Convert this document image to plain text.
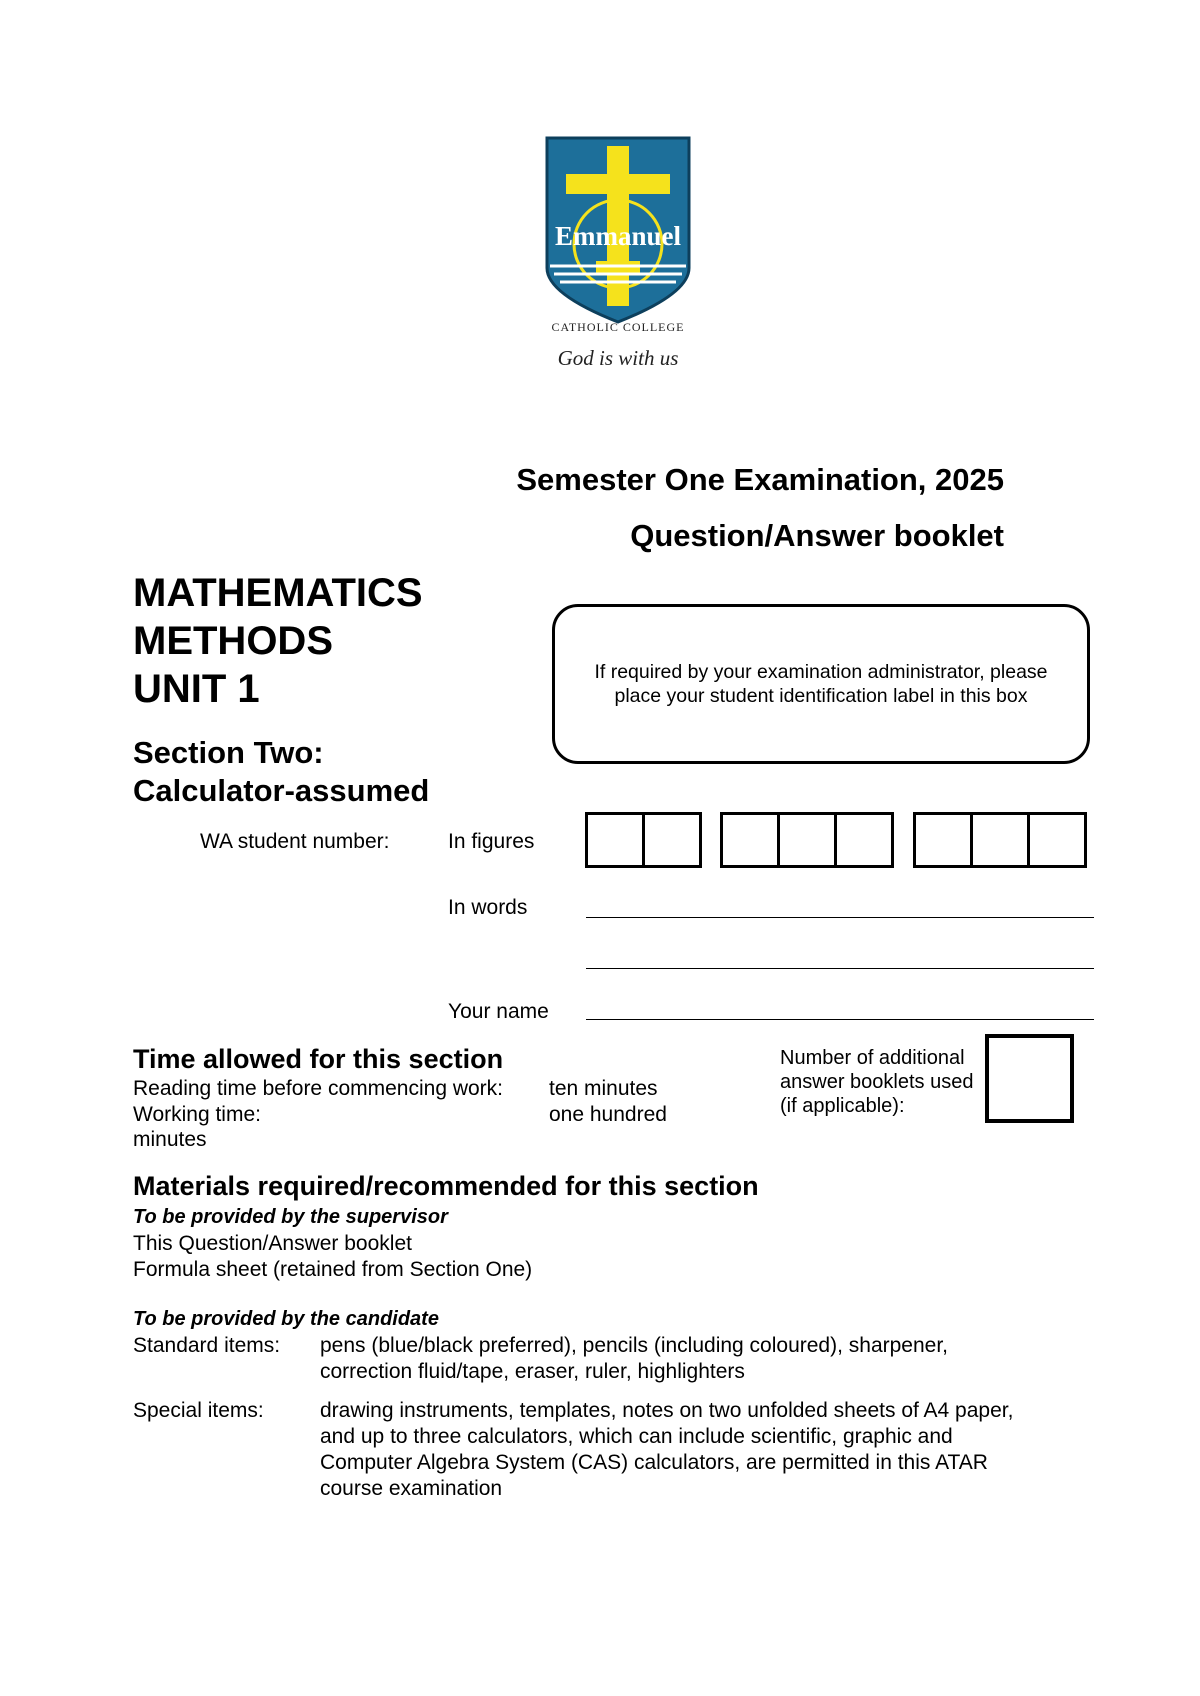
Emmanuel
CATHOLIC COLLEGE
God is with us
Semester One Examination, 2025
Question/Answer booklet
MATHEMATICS
METHODS
UNIT 1
Section Two:
Calculator-assumed
If required by your examination administrator, please place your student identification label in this box
WA student number:	In figures
In words
Your name
Time allowed for this section
Reading time before commencing work: ten minutes
Working time:	one hundred
minutes
Number of additional
answer booklets used
(if applicable):
Materials required/recommended for this section
To be provided by the supervisor
This Question/Answer booklet
Formula sheet (retained from Section One)
To be provided by the candidate
Standard items: pens (blue/black preferred), pencils (including coloured), sharpener,
correction fluid/tape, eraser, ruler, highlighters
Special items:	drawing instruments, templates, notes on two unfolded sheets of A4 paper,
and up to three calculators, which can include scientific, graphic and
Computer Algebra System (CAS) calculators, are permitted in this ATAR
course examination
